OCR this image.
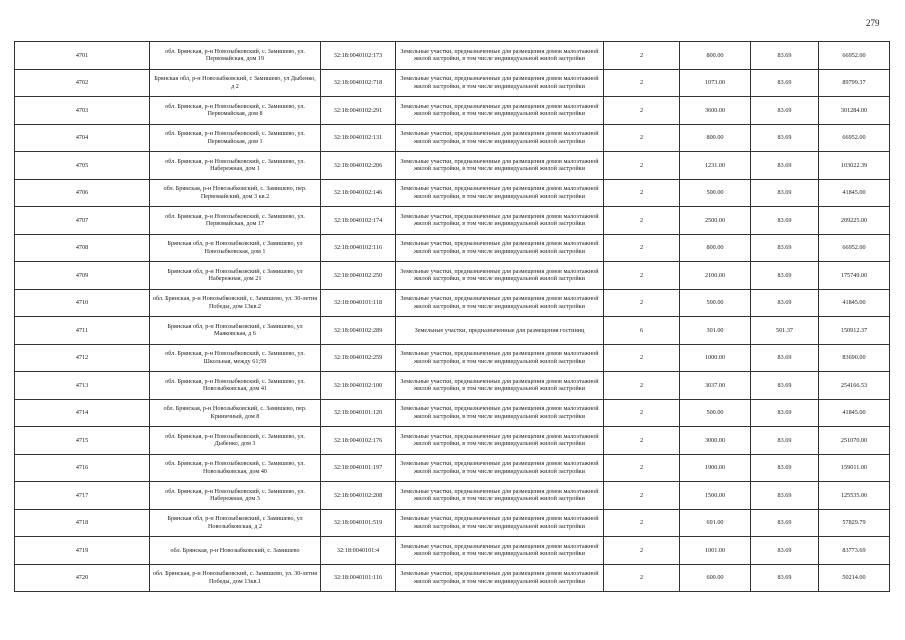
279
4701	обл. Брянская, р-н Новозыбковский, с. Замишево, ул. Первомайская, дом 19	32:18:0040102:173	Земельные участки, предназначенные для размещения домов малоэтажной жилой застройки, в том числе индивидуальной жилой застройки	2	800.00	83.69	66952.00
4702	Брянская обл, р-н Новозыбковский, с Замишево, ул Дыбенко, д 2	32:18:0040102:718	Земельные участки, предназначенные для размещения домов малоэтажной жилой застройки, в том числе индивидуальной жилой застройки	2	1073.00	83.69	89799.37
4703	обл. Брянская, р-н Новозыбковский, с. Замишево, ул. Первомайская, дом 8	32:18:0040102:291	Земельные участки, предназначенные для размещения домов малоэтажной жилой застройки, в том числе индивидуальной жилой застройки	2	3600.00	83.69	301284.00
4704	обл. Брянская, р-н Новозыбковский, с. Замишево, ул. Первомайская, дом 1	32:18:0040102:131	Земельные участки, предназначенные для размещения домов малоэтажной жилой застройки, в том числе индивидуальной жилой застройки	2	800.00	83.69	66952.00
4705	обл. Брянская, р-н Новозыбковский, с. Замишево, ул. Набережная, дом 1	32:18:0040102:206	Земельные участки, предназначенные для размещения домов малоэтажной жилой застройки, в том числе индивидуальной жилой застройки	2	1231.00	83.69	103022.39
4706	обл. Брянская, р-н Новозыбковский, с. Замишево, пер. Первомайский, дом 3 кв.2	32:18:0040102:146	Земельные участки, предназначенные для размещения домов малоэтажной жилой застройки, в том числе индивидуальной жилой застройки	2	500.00	83.69	41845.00
4707	обл. Брянская, р-н Новозыбковский, с. Замишево, ул. Первомайская, дом 17	32:18:0040102:174	Земельные участки, предназначенные для размещения домов малоэтажной жилой застройки, в том числе индивидуальной жилой застройки	2	2500.00	83.69	209225.00
4708	Брянская обл, р-н Новозыбковский, с Замишево, ул Новозыбковская, дом 1	32:18:0040102:116	Земельные участки, предназначенные для размещения домов малоэтажной жилой застройки, в том числе индивидуальной жилой застройки	2	800.00	83.69	66952.00
4709	Брянская обл, р-н Новозыбковский, с Замишево, ул Набережная, дом 21	32:18:0040102:250	Земельные участки, предназначенные для размещения домов малоэтажной жилой застройки, в том числе индивидуальной жилой застройки	2	2100.00	83.69	175749.00
4710	обл. Брянская, р-н Новозыбковский, с. Замишево, ул. 30-летия Победы, дом 13кв.2	32:18:0040101:118	Земельные участки, предназначенные для размещения домов малоэтажной жилой застройки, в том числе индивидуальной жилой застройки	2	500.00	83.69	41845.00
4711	Брянская обл, р-н Новозыбковский, с Замишево, ул Маяковская, д 6	32:18:0040102:289	Земельные участки, предназначенные для размещения гостиниц	6	301.00	501.37	150912.37
4712	обл. Брянская, р-н Новозыбковский, с. Замишево, ул. Школьная, между 61;59	32:18:0040102:259	Земельные участки, предназначенные для размещения домов малоэтажной жилой застройки, в том числе индивидуальной жилой застройки	2	1000.00	83.69	83690.00
4713	обл. Брянская, р-н Новозыбковский, с. Замишево, ул. Новозыбковская, дом 41	32:18:0040102:100	Земельные участки, предназначенные для размещения домов малоэтажной жилой застройки, в том числе индивидуальной жилой застройки	2	3037.00	83.69	254166.53
4714	обл. Брянская, р-н Новозыбковский, с. Замишево, пер. Криничный, дом 8	32:18:0040101:120	Земельные участки, предназначенные для размещения домов малоэтажной жилой застройки, в том числе индивидуальной жилой застройки	2	500.00	83.69	41845.00
4715	обл. Брянская, р-н Новозыбковский, с. Замишево, ул. Дыбенко, дом 3	32:18:0040102:176	Земельные участки, предназначенные для размещения домов малоэтажной жилой застройки, в том числе индивидуальной жилой застройки	2	3000.00	83.69	251070.00
4716	обл. Брянская, р-н Новозыбковский, с. Замишево, ул. Новозыбковская, дом 40	32:18:0040101:197	Земельные участки, предназначенные для размещения домов малоэтажной жилой застройки, в том числе индивидуальной жилой застройки	2	1900.00	83.69	159011.00
4717	обл. Брянская, р-н Новозыбковский, с. Замишево, ул. Набережная, дом 3	32:18:0040102:208	Земельные участки, предназначенные для размещения домов малоэтажной жилой застройки, в том числе индивидуальной жилой застройки	2	1500.00	83.69	125535.00
4718	Брянская обл, р-н Новозыбковский, с Замишево, ул Новозыбковская, д 2	32:18:0040101:519	Земельные участки, предназначенные для размещения домов малоэтажной жилой застройки, в том числе индивидуальной жилой застройки	2	691.00	83.69	57829.79
4719	обл. Брянская, р-н Новозыбковский, с. Замишево	32:18:0040101:4	Земельные участки, предназначенные для размещения домов малоэтажной жилой застройки, в том числе индивидуальной жилой застройки	2	1001.00	83.69	83773.69
4720	обл. Брянская, р-н Новозыбковский, с. Замишево, ул. 30-летия Победы, дом 13кв.1	32:18:0040101:116	Земельные участки, предназначенные для размещения домов малоэтажной жилой застройки, в том числе индивидуальной жилой застройки	2	600.00	83.69	50214.00
